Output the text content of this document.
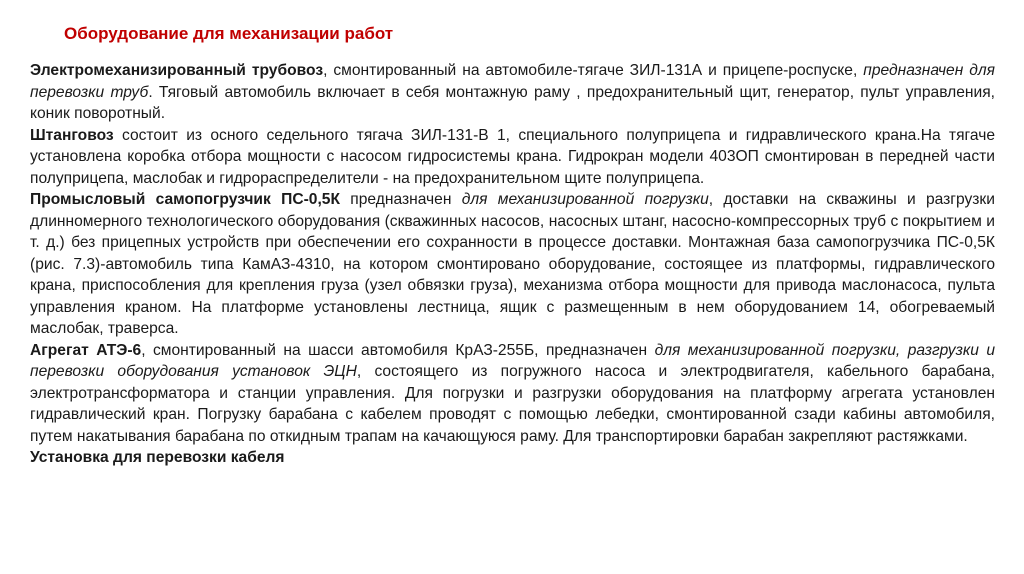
Оборудование для механизации работ

Электромеханизированный трубовоз, смонтированный на автомобиле-тягаче ЗИЛ-131А и прицепе-роспуске, предназначен для перевозки труб. Тяговый автомобиль включает в себя монтажную раму , предохранительный щит, генератор, пульт управления, коник поворотный.

Штанговоз состоит из осного седельного тягача ЗИЛ-131-В 1, специального полуприцепа и гидравлического крана.На тягаче установлена коробка отбора мощности с насосом гидросистемы крана. Гидрокран модели 403ОП смонтирован в передней части полуприцепа, маслобак и гидрораспределители - на предохранительном щите полуприцепа.

Промысловый самопогрузчик ПС-0,5К предназначен для механизированной погрузки, доставки на скважины и разгрузки длинномерного технологического оборудования (скважинных насосов, насосных штанг, насосно-компрессорных труб с покрытием и т. д.) без прицепных устройств при обеспечении его сохранности в процессе доставки. Монтажная база самопогрузчика ПС-0,5К (рис. 7.3)-автомобиль типа КамАЗ-4310, на котором смонтировано оборудование, состоящее из платформы, гидравлического крана, приспособления для крепления груза (узел обвязки груза), механизма отбора мощности для привода маслонасоса, пульта управления краном. На платформе установлены лестница, ящик с размещенным в нем оборудованием 14, обогреваемый маслобак, траверса.

Агрегат АТЭ-6, смонтированный на шасси автомобиля КрАЗ-255Б, предназначен для механизированной погрузки, разгрузки и перевозки оборудования установок ЭЦН, состоящего из погружного насоса и электродвигателя, кабельного барабана, электротрансформатора и станции управления. Для погрузки и разгрузки оборудования на платформу агрегата установлен гидравлический кран. Погрузку барабана с кабелем проводят с помощью лебедки, смонтированной сзади кабины автомобиля, путем накатывания барабана по откидным трапам на качающуюся раму. Для транспортировки барабан закрепляют растяжками.

Установка для перевозки кабеля
